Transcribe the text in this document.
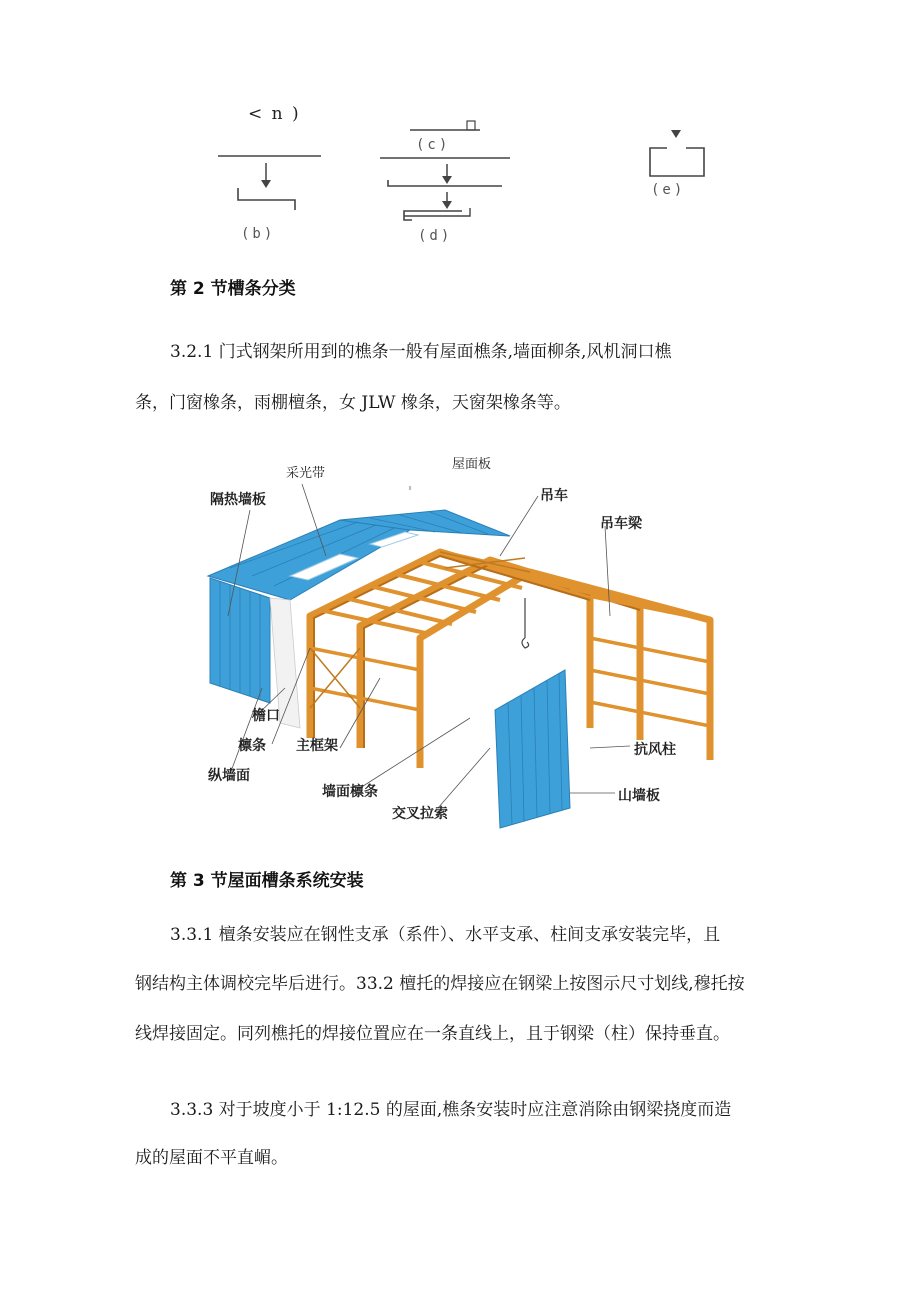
< n )
(b)
(c)
(d)
(e)
第 2 节槽条分类
3.2.1 门式钢架所用到的樵条一般有屋面樵条,墙面柳条,风机洞口樵
条，门窗橡条，雨棚檀条，女 JLW 橡条，天窗架橡条等。
采光带
屋面板
隔热墙板	吊车
吊车梁
檐口
檩条 主框架
纵墙面
墙面檩条
交叉拉索
抗风柱
山墙板
第 3 节屋面槽条系统安装
3.3.1 檀条安装应在钢性支承（系件）、水平支承、柱间支承安装完毕，且
钢结构主体调校完毕后进行。33.2 檀托的焊接应在钢梁上按图示尺寸划线,穆托按
线焊接固定。同列樵托的焊接位置应在一条直线上，且于钢梁（柱）保持垂直。
3.3.3 对于坡度小于 1:12.5 的屋面,樵条安装时应注意消除由钢梁挠度而造
成的屋面不平直嵋。
